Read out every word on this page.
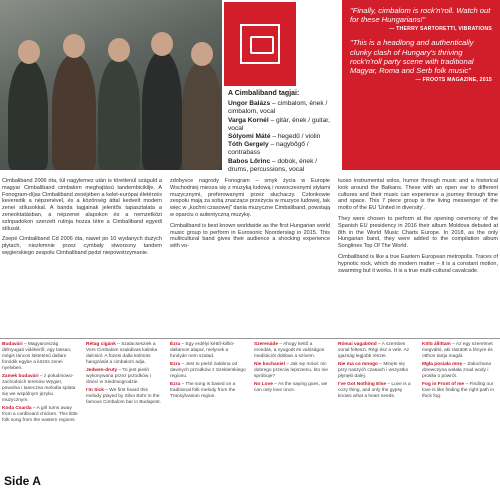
A Cimbaliband tagjai:
Ungor Balázs – cimbalom, ének / cimbalom, vocal
Varga Kornél – gitár, ének / guitar, vocal
Sólyomi Máté – hegedű / violin
Tóth Gergely – nagybőgő / contrabass
Babos Lőrinc – dobok, ének / drums, percussions, vocal
"Finally, cimbalom is rock'n'roll. Watch out for these Hungarians!"
— THERRY SARTORETTI, VIBRATIONS
"This is a headlong and authentically clunky clash of Hungary's thriving rock'n'roll party scene with traditional Magyar, Roma and Serb folk music"
— FROOTS MAGAZINE, 2015

Cimbaliband 2006 óta, túl nagylemez után is töretlenül száguld a magyar Cimbaliband cimbalom meghajtású tandembiciklije. A Fonogram-díjas Cimbaliband zenéjében a kelet-európai életérzés keveredik a népzenével, és a közönség áttal kedvelt modern zenei stílusokkal. A banda tagjainak jelentős tapasztalata a zeneoktatásban, a népzenei alapokon és a nemzetközi színpadokon szerzett rutinja hozza létre a Cimbaliband egyedi stílusát.

Zsepé Cimbaliband Cd 2006 óta, nawet po 10 wydanych dużych płytach, niezłomnie przez cymbały stworzony tandem węgierskiego zespołu Cimbaliband pędzi niepowstrzymanie.

zdobyvce nagrody Fonogram – smyk życia w Europie Wschodniej miesza się z muzyką ludową i nowoczesnymi stylami muzycznymi, preferowanymi przez słuchaczy. Członkowie zespołu mają za sobą znaczące przeżycia w muzyce ludowej, tak więc w „kuchni czasowej" dania muzyczne Cimbaliband, powstają w oparciu o autentyczną muzykę.

Cimbaliband is best known worldwide as the first Hungarian world music group to perform in Eurosonic Noorderslag in 2015. This multicultural band gives their audience a shocking experience with vo-

tuoso instrumental solos, humor through music and a historical look around the Balkans. These with an open ear to different cultures and their music can experience a journey through time and space. This 7 piece group is the living messenger of the motto of the EU 'United in diversity'.

They were chosen to perform at the opening ceremony of the Spanish EU presidency in 2016 their album Moldova debuted at 8th in the World Music Charts Europe. In 2018, as the only Hungarian band, they were added to the compilation album Songlines Top Of The World.

Cimbaliband is like a true Eastern European metropolis. Traces of hypnotic rock, which do modern matter – it is a constant motion, swarming but it works. It is a true multi-cultural cavalcade.

Budavári – Magyarország délnyugati vidékéről, egy lassan, mégis táncos lüktetésű dallam fonódik egybe a közös zenei nyelvben.
Zamek budavári – z południowo-zachodnich terenów Węgier, powolna i taneczna melodia splata się we wspólnym języku muzycznym.
Koda Csarda – A girl turns away from a cardboard chicken. This little folk song from the eastern regions.
Rétag cigánk – Szalacsesziek a Vors Cimbalom szakálvas kalinka dalcsiol. A füzesi dalla különös hangzását a cimbalom adja.
Jedwen-druty – To jest pieśń wykonywana przez przodków i dzieci w Siedmiogrodzie.
I'm Sick – We first heard this melody played by Silvo Bohr in the famous Cimbalom bar in Budapest.
Ézra – Egy erdélyi kéttő-kiilliö-dallamon alapul, melynek a furulyán nem szalad.
Ezra – Jest to pieśń żałobna od dawnych przodków z Szeklerskiego regionu.
Ezra – The song is based on a traditional folk melody from the Transylvanian region.
Szerenáde – Ahogy kettő a mondás, a nyugodt és valóságos meditációt dobban a szívem.
Nie kochaniel – Jak się mówi: nic dobrego przeciw lepszemu, kto nie spróbuje?
No Love – As the saying goes, we can only love once.
Római vagabönd – A szembes vonal felteszi. Régi ész a vele. Az igazság legjobb részei.
Nie ma co mnogo – Minęło się przy naszych czasach i wszystko płynęło dalej.
I've Got Nothing Else – Love is a cozy thing, and only the gypsy knows what a heart needs.
Kölü állittam – Az egy szerelmet megváltó, aki rásütött a fényre és otthon tartja magát.
Mgła posiała mnę – Zakochana dziewczyna wołała znad wody i prosiła o powrót.
Fog in Front of me – Finding our love is like finding the right path in thick fog.
Side A
